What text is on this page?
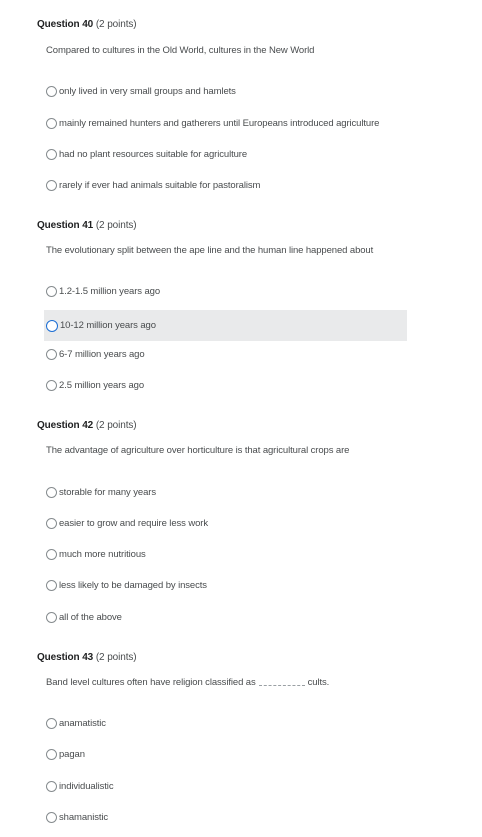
Question 40 (2 points)
Compared to cultures in the Old World, cultures in the New World
only lived in very small groups and hamlets
mainly remained hunters and gatherers until Europeans introduced agriculture
had no plant resources suitable for agriculture
rarely if ever had animals suitable for pastoralism
Question 41 (2 points)
The evolutionary split between the ape line and the human line happened about
1.2-1.5 million years ago
10-12 million years ago
6-7 million years ago
2.5 million years ago
Question 42 (2 points)
The advantage of agriculture over horticulture is that agricultural crops are
storable for many years
easier to grow and require less work
much more nutritious
less likely to be damaged by insects
all of the above
Question 43 (2 points)
Band level cultures often have religion classified as	cults.
anamatistic
pagan
individualistic
shamanistic
